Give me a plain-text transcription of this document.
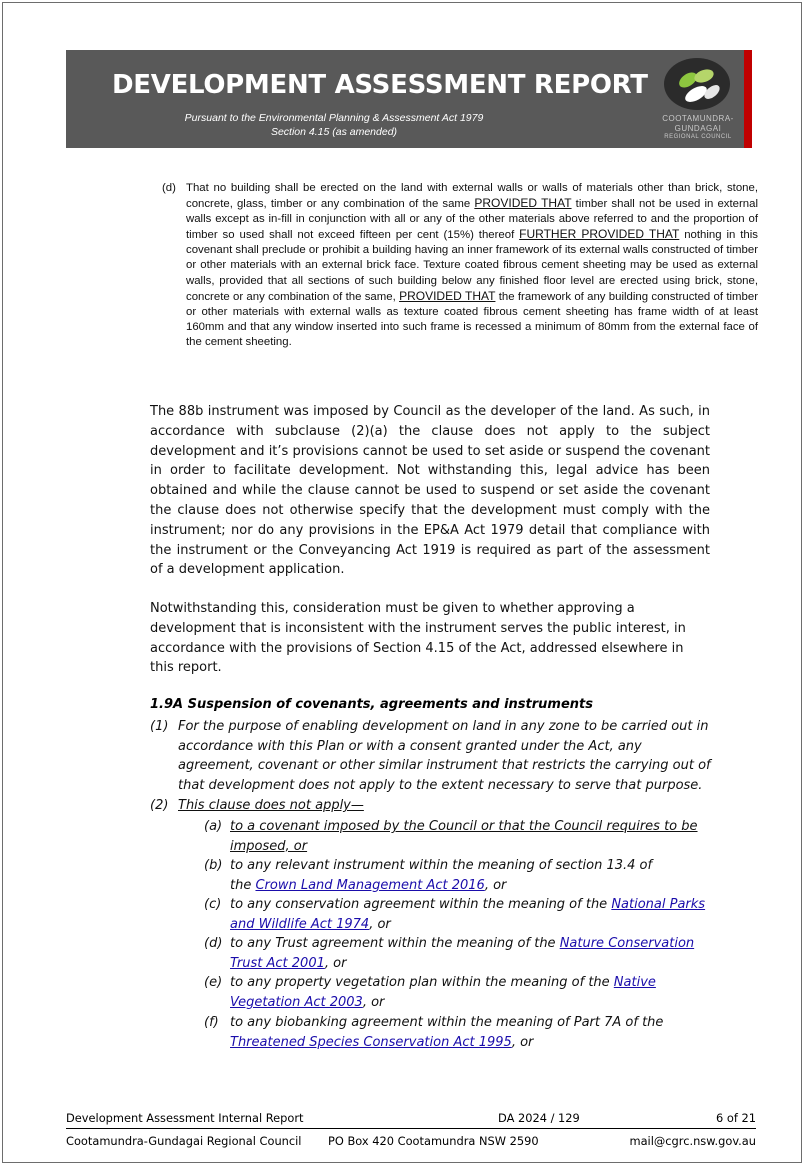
DEVELOPMENT ASSESSMENT REPORT
Pursuant to the Environmental Planning & Assessment Act 1979
Section 4.15 (as amended)
COOTAMUNDRA-
GUNDAGAI
REGIONAL COUNCIL
(d) That no building shall be erected on the land with external walls or walls of materials other than brick, stone, concrete, glass, timber or any combination of the same PROVIDED THAT timber shall not be used in external walls except as in-fill in conjunction with all or any of the other materials above referred to and the proportion of timber so used shall not exceed fifteen per cent (15%) thereof FURTHER PROVIDED THAT nothing in this covenant shall preclude or prohibit a building having an inner framework of its external walls constructed of timber or other materials with an external brick face. Texture coated fibrous cement sheeting may be used as external walls, provided that all sections of such building below any finished floor level are erected using brick, stone, concrete or any combination of the same, PROVIDED THAT the framework of any building constructed of timber or other materials with external walls as texture coated fibrous cement sheeting has frame width of at least 160mm and that any window inserted into such frame is recessed a minimum of 80mm from the external face of the cement sheeting.
The 88b instrument was imposed by Council as the developer of the land. As such, in accordance with subclause (2)(a) the clause does not apply to the subject development and it’s provisions cannot be used to set aside or suspend the covenant in order to facilitate development. Not withstanding this, legal advice has been obtained and while the clause cannot be used to suspend or set aside the covenant the clause does not otherwise specify that the development must comply with the instrument; nor do any provisions in the EP&A Act 1979 detail that compliance with the instrument or the Conveyancing Act 1919 is required as part of the assessment of a development application.
Notwithstanding this, consideration must be given to whether approving a development that is inconsistent with the instrument serves the public interest, in accordance with the provisions of Section 4.15 of the Act, addressed elsewhere in this report.
1.9A Suspension of covenants, agreements and instruments
(1) For the purpose of enabling development on land in any zone to be carried out in accordance with this Plan or with a consent granted under the Act, any agreement, covenant or other similar instrument that restricts the carrying out of that development does not apply to the extent necessary to serve that purpose.
(2) This clause does not apply—
(a) to a covenant imposed by the Council or that the Council requires to be imposed, or
(b) to any relevant instrument within the meaning of section 13.4 of the Crown Land Management Act 2016, or
(c) to any conservation agreement within the meaning of the National Parks and Wildlife Act 1974, or
(d) to any Trust agreement within the meaning of the Nature Conservation Trust Act 2001, or
(e) to any property vegetation plan within the meaning of the Native Vegetation Act 2003, or
(f) to any biobanking agreement within the meaning of Part 7A of the Threatened Species Conservation Act 1995, or
Development Assessment Internal Report	DA 2024 / 129	6 of 21
Cootamundra-Gundagai Regional Council PO Box 420 Cootamundra NSW 2590	mail@cgrc.nsw.gov.au
